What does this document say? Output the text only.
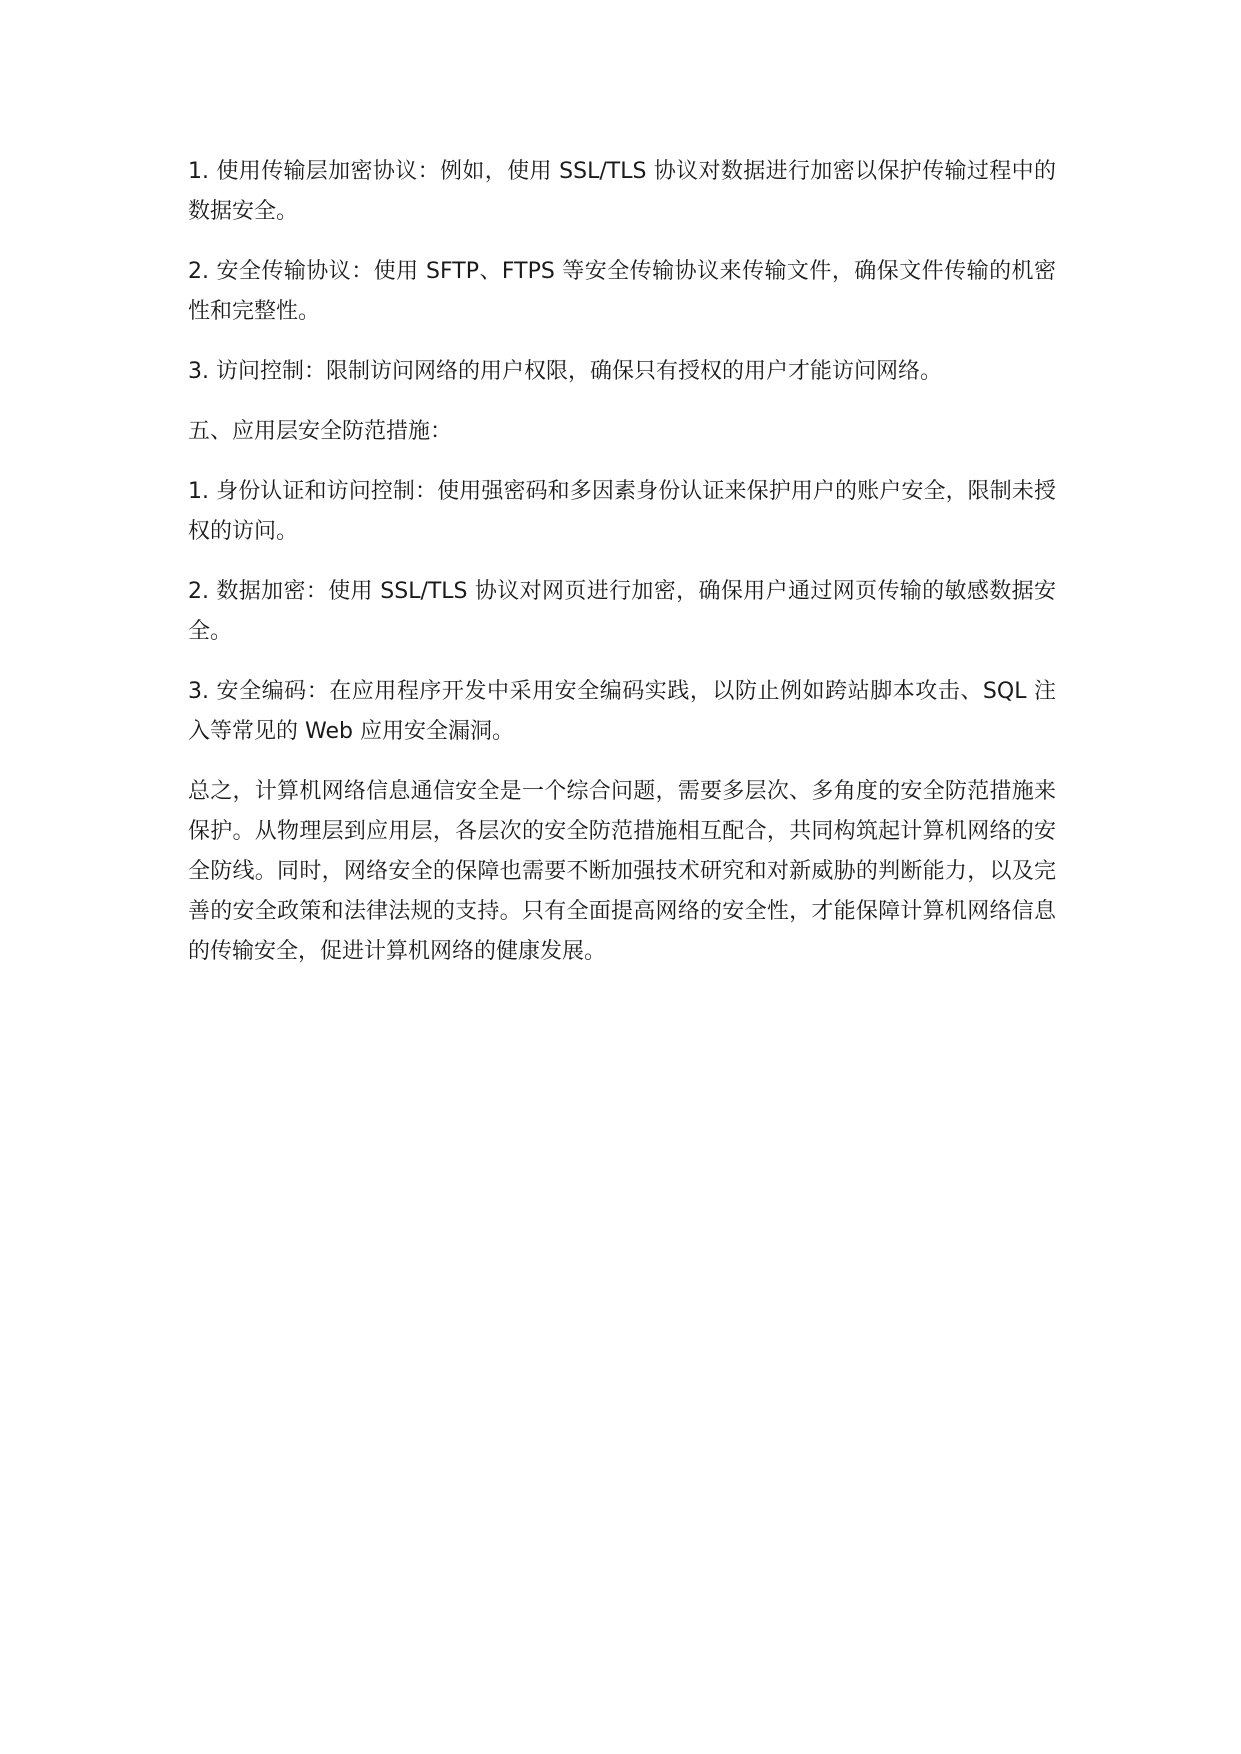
1. 使用传输层加密协议：例如，使用 SSL/TLS 协议对数据进行加密以保护传输过程中的数据安全。

2. 安全传输协议：使用 SFTP、FTPS 等安全传输协议来传输文件，确保文件传输的机密性和完整性。

3. 访问控制：限制访问网络的用户权限，确保只有授权的用户才能访问网络。

五、应用层安全防范措施：

1. 身份认证和访问控制：使用强密码和多因素身份认证来保护用户的账户安全，限制未授权的访问。

2. 数据加密：使用 SSL/TLS 协议对网页进行加密，确保用户通过网页传输的敏感数据安全。

3. 安全编码：在应用程序开发中采用安全编码实践，以防止例如跨站脚本攻击、SQL 注入等常见的 Web 应用安全漏洞。

总之，计算机网络信息通信安全是一个综合问题，需要多层次、多角度的安全防范措施来保护。从物理层到应用层，各层次的安全防范措施相互配合，共同构筑起计算机网络的安全防线。同时，网络安全的保障也需要不断加强技术研究和对新威胁的判断能力，以及完善的安全政策和法律法规的支持。只有全面提高网络的安全性，才能保障计算机网络信息的传输安全，促进计算机网络的健康发展。
